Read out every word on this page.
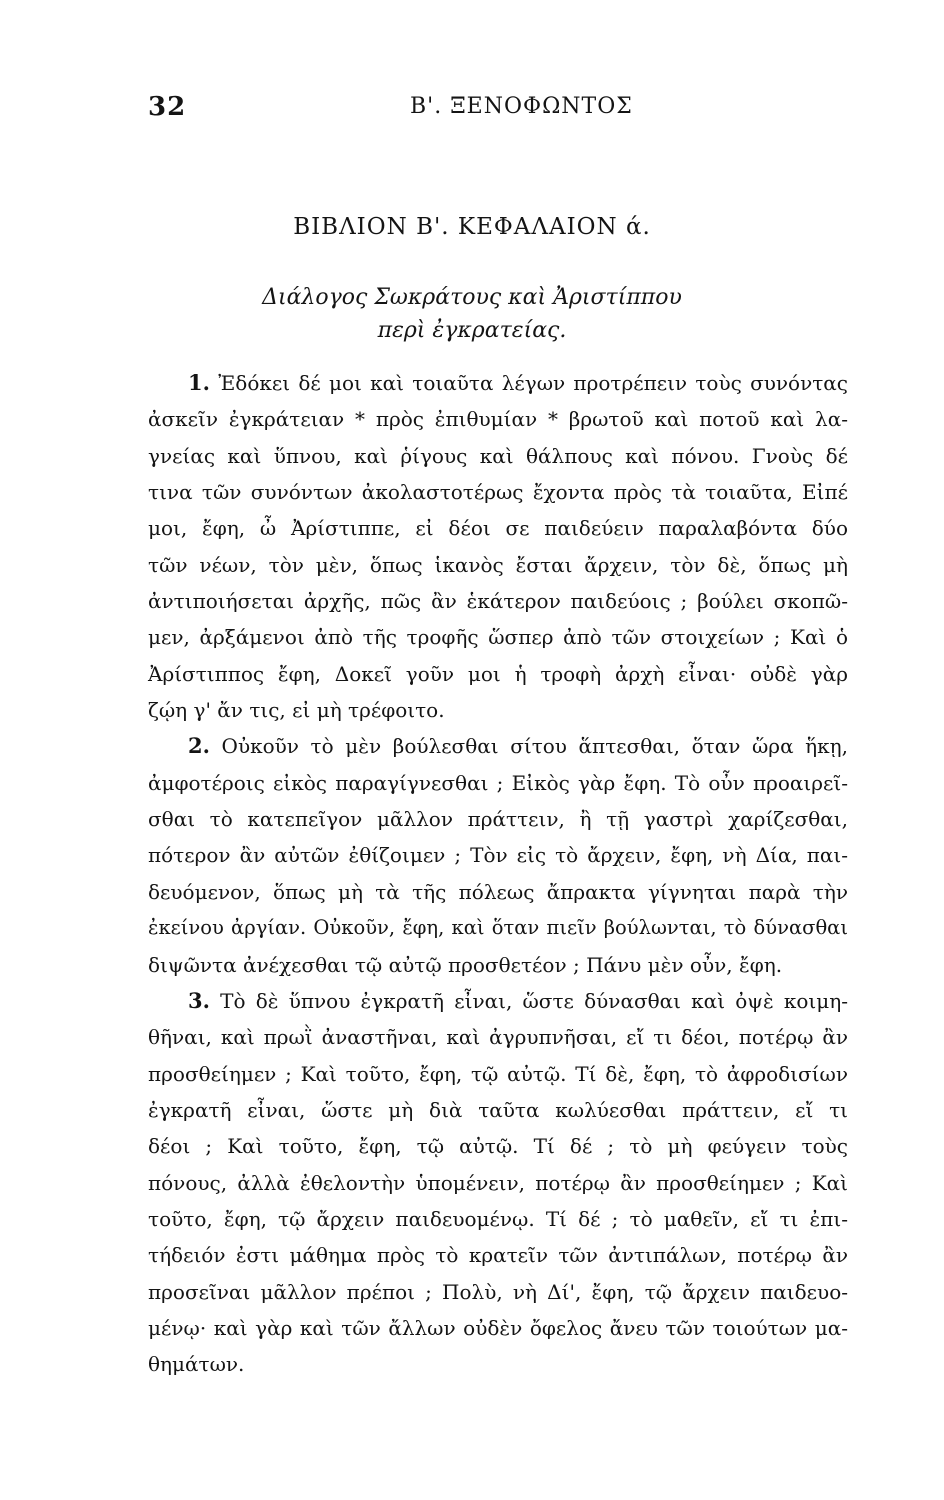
32	Β'. ΞΕΝΟΦΩΝΤΟΣ
ΒΙΒΛΙΟΝ Β'. ΚΕΦΑΛΑΙΟΝ ά.
Διάλογος Σωκράτους καὶ Ἀριστίππου
περὶ ἐγκρατείας.
1. Ἐδόκει δέ μοι καὶ τοιαῦτα λέγων προτρέπειν τοὺς συνόντας
ἀσκεῖν ἐγκράτειαν * πρὸς ἐπιθυμίαν * βρωτοῦ καὶ ποτοῦ καὶ λα-
γνείας καὶ ὕπνου, καὶ ῥίγους καὶ θάλπους καὶ πόνου. Γνοὺς δέ
τινα τῶν συνόντων ἀκολαστοτέρως ἔχοντα πρὸς τὰ τοιαῦτα, Εἰπέ
μοι, ἔφη, ὦ Ἀρίστιππε, εἰ δέοι σε παιδεύειν παραλαβόντα δύο
τῶν νέων, τὸν μὲν, ὅπως ἱκανὸς ἔσται ἄρχειν, τὸν δὲ, ὅπως μὴ
ἀντιποιήσεται ἀρχῆς, πῶς ἂν ἑκάτερον παιδεύοις ; βούλει σκοπῶ-
μεν, ἀρξάμενοι ἀπὸ τῆς τροφῆς ὥσπερ ἀπὸ τῶν στοιχείων ; Καὶ ὁ
Ἀρίστιππος ἔφη, Δοκεῖ γοῦν μοι ἡ τροφὴ ἀρχὴ εἶναι· οὐδὲ γὰρ
ζῴη γ' ἄν τις, εἰ μὴ τρέφοιτο.
2. Οὐκοῦν τὸ μὲν βούλεσθαι σίτου ἅπτεσθαι, ὅταν ὥρα ἥκῃ,
ἀμφοτέροις εἰκὸς παραγίγνεσθαι ; Εἰκὸς γὰρ ἔφη. Τὸ οὖν προαιρεῖ-
σθαι τὸ κατεπεῖγον μᾶλλον πράττειν, ἢ τῇ γαστρὶ χαρίζεσθαι,
πότερον ἂν αὐτῶν ἐθίζοιμεν ; Τὸν εἰς τὸ ἄρχειν, ἔφη, νὴ Δία, παι-
δευόμενον, ὅπως μὴ τὰ τῆς πόλεως ἄπρακτα γίγνηται παρὰ τὴν
ἐκείνου ἀργίαν. Οὐκοῦν, ἔφη, καὶ ὅταν πιεῖν βούλωνται, τὸ δύνασθαι
διψῶντα ἀνέχεσθαι τῷ αὐτῷ προσθετέον ; Πάνυ μὲν οὖν, ἔφη.
3. Τὸ δὲ ὕπνου ἐγκρατῆ εἶναι, ὥστε δύνασθαι καὶ ὀψὲ κοιμη-
θῆναι, καὶ πρωῒ ἀναστῆναι, καὶ ἀγρυπνῆσαι, εἴ τι δέοι, ποτέρῳ ἂν
προσθείημεν ; Καὶ τοῦτο, ἔφη, τῷ αὐτῷ. Τί δὲ, ἔφη, τὸ ἀφροδισίων
ἐγκρατῆ εἶναι, ὥστε μὴ διὰ ταῦτα κωλύεσθαι πράττειν, εἴ τι
δέοι ; Καὶ τοῦτο, ἔφη, τῷ αὐτῷ. Τί δέ ; τὸ μὴ φεύγειν τοὺς
πόνους, ἀλλὰ ἐθελοντὴν ὑπομένειν, ποτέρῳ ἂν προσθείημεν ; Καὶ
τοῦτο, ἔφη, τῷ ἄρχειν παιδευομένῳ. Τί δέ ; τὸ μαθεῖν, εἴ τι ἐπι-
τήδειόν ἐστι μάθημα πρὸς τὸ κρατεῖν τῶν ἀντιπάλων, ποτέρῳ ἂν
προσεῖναι μᾶλλον πρέποι ; Πολὺ, νὴ Δί', ἔφη, τῷ ἄρχειν παιδευο-
μένῳ· καὶ γὰρ καὶ τῶν ἄλλων οὐδὲν ὄφελος ἄνευ τῶν τοιούτων μα-
θημάτων.
